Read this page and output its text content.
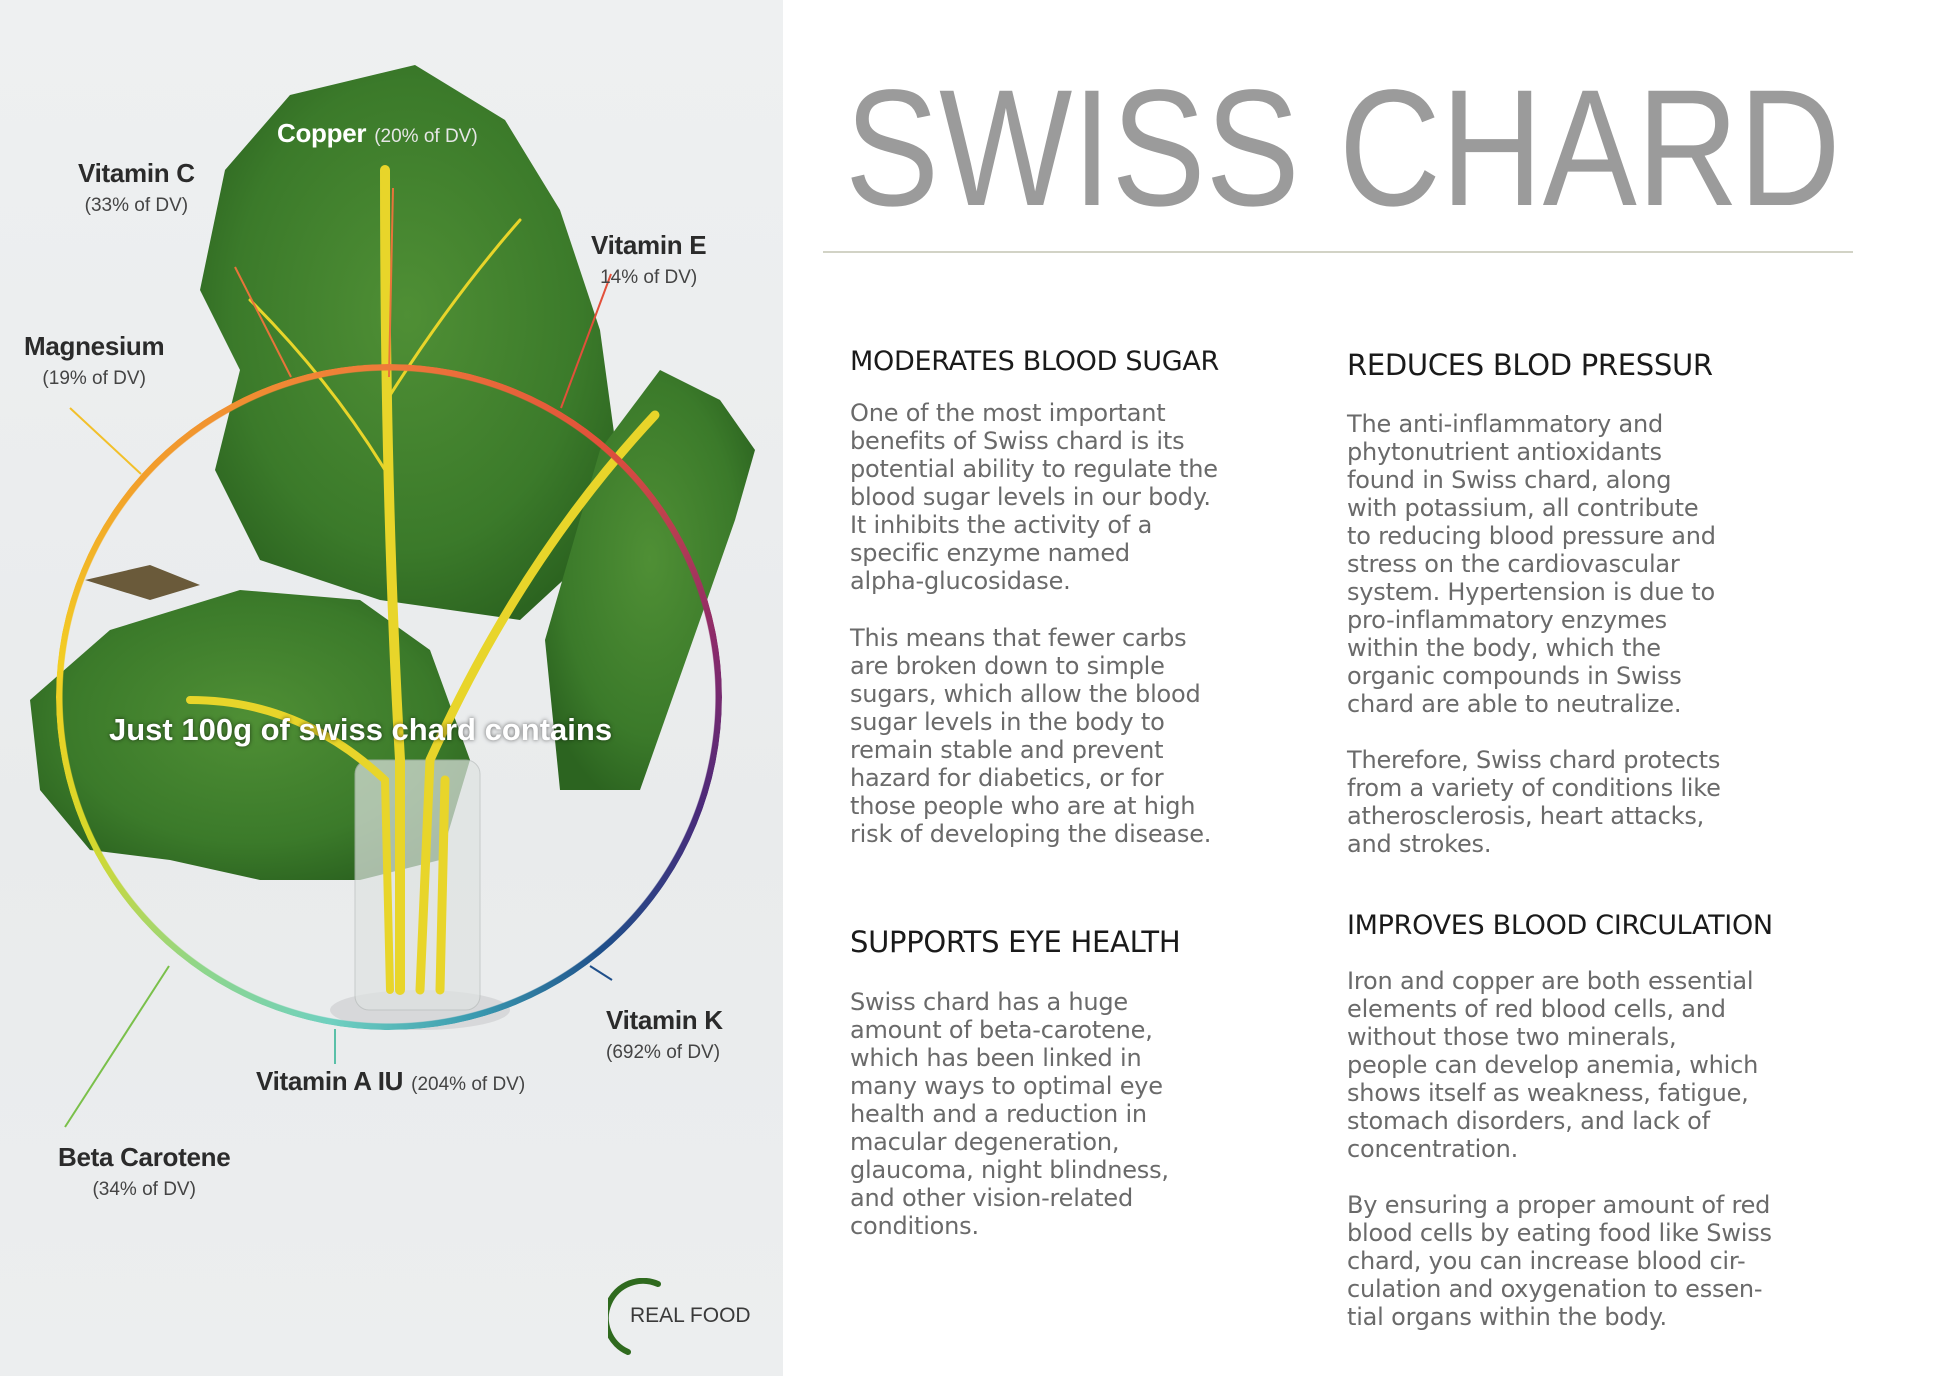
Copper (20% of DV)
Vitamin C
(33% of DV)
Vitamin E
14% of DV)
Magnesium
(19% of DV)
Just 100g of swiss chard contains
Vitamin K
(692% of DV)
Vitamin A IU (204% of DV)
Beta Carotene
(34% of DV)
REAL FOOD
SWISS CHARD
MODERATES BLOOD SUGAR
One of the most important
benefits of Swiss chard is its
potential ability to regulate the
blood sugar levels in our body.
It inhibits the activity of a
specific enzyme named
alpha-glucosidase.
This means that fewer carbs
are broken down to simple
sugars, which allow the blood
sugar levels in the body to
remain stable and prevent
hazard for diabetics, or for
those people who are at high
risk of developing the disease.
REDUCES BLOD PRESSUR
The anti-inflammatory and
phytonutrient antioxidants
found in Swiss chard, along
with potassium, all contribute
to reducing blood pressure and
stress on the cardiovascular
system. Hypertension is due to
pro-inflammatory enzymes
within the body, which the
organic compounds in Swiss
chard are able to neutralize.
Therefore, Swiss chard protects
from a variety of conditions like
atherosclerosis, heart attacks,
and strokes.
SUPPORTS EYE HEALTH
Swiss chard has a huge
amount of beta-carotene,
which has been linked in
many ways to optimal eye
health and a reduction in
macular degeneration,
glaucoma, night blindness,
and other vision-related
conditions.
IMPROVES BLOOD CIRCULATION
Iron and copper are both essential
elements of red blood cells, and
without those two minerals,
people can develop anemia, which
shows itself as weakness, fatigue,
stomach disorders, and lack of
concentration.
By ensuring a proper amount of red
blood cells by eating food like Swiss
chard, you can increase blood cir-
culation and oxygenation to essen-
tial organs within the body.
